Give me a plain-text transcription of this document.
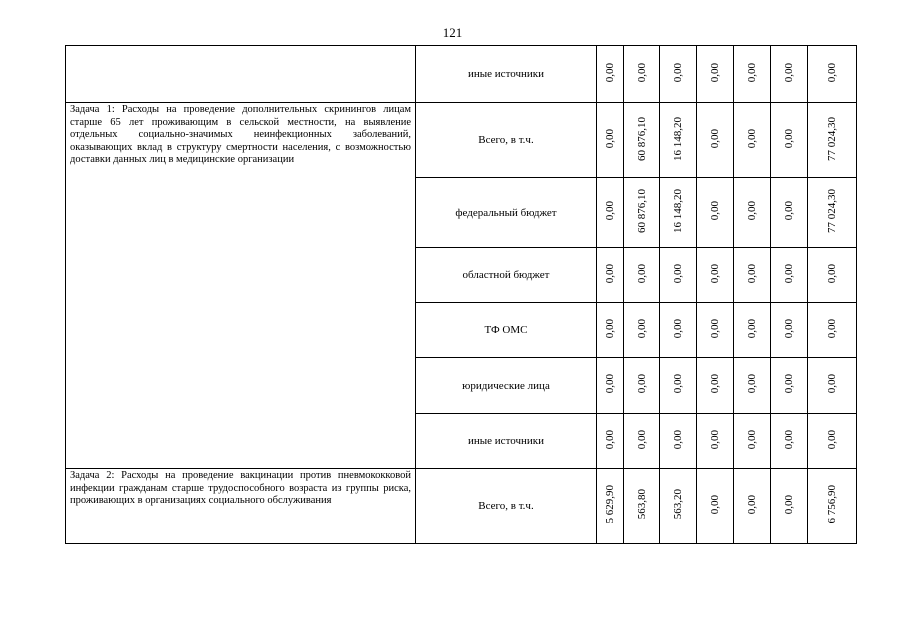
121
	иные источники	0,00	0,00	0,00	0,00	0,00	0,00	0,00
Задача 1: Расходы на проведение дополнительных скринингов лицам старше 65 лет проживающим в сельской местности, на выявление отдельных социально-значимых неинфекционных заболеваний, оказывающих вклад в структуру смертности населения, с возможностью доставки данных лиц в медицинские организации	Всего, в т.ч.	0,00	60 876,10	16 148,20	0,00	0,00	0,00	77 024,30
	федеральный бюджет	0,00	60 876,10	16 148,20	0,00	0,00	0,00	77 024,30
	областной бюджет	0,00	0,00	0,00	0,00	0,00	0,00	0,00
	ТФ ОМС	0,00	0,00	0,00	0,00	0,00	0,00	0,00
	юридические лица	0,00	0,00	0,00	0,00	0,00	0,00	0,00
	иные источники	0,00	0,00	0,00	0,00	0,00	0,00	0,00
Задача 2: Расходы на проведение вакцинации против пневмококковой инфекции гражданам старше трудоспособного возраста из группы риска, проживающих в организациях социального обслуживания	Всего, в т.ч.	5 629,90	563,80	563,20	0,00	0,00	0,00	6 756,90
